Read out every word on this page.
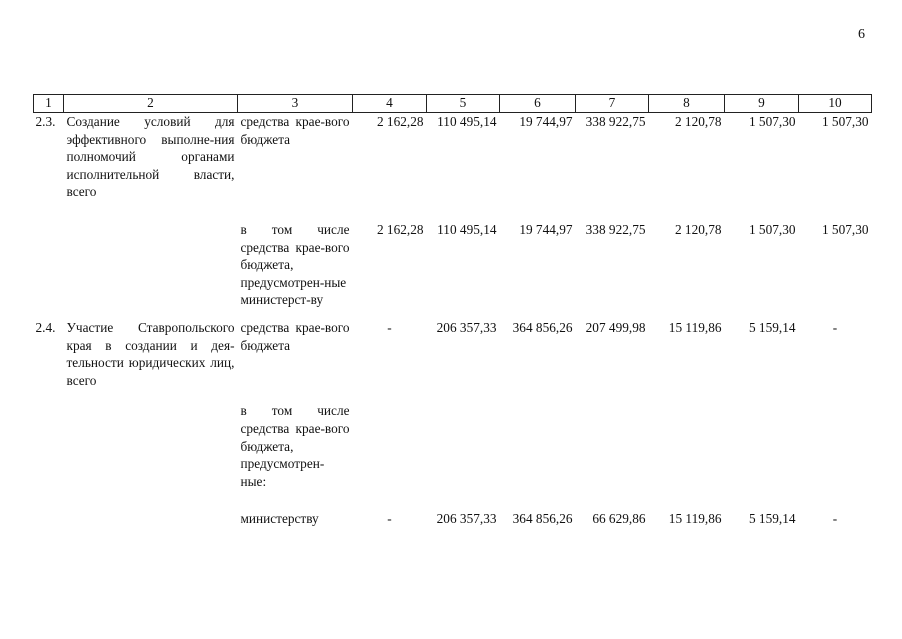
6
1	2	3	4	5	6	7	8	9	10
2.3.	Создание условий для эффективного выполне-ния полномочий органами исполнительной власти, всего	средства крае-вого бюджета	2 162,28	110 495,14	19 744,97	338 922,75	2 120,78	1 507,30	1 507,30
		в том числе средства крае-вого бюджета, предусмотрен-ные министерст-ву	2 162,28	110 495,14	19 744,97	338 922,75	2 120,78	1 507,30	1 507,30
2.4.	Участие Ставропольского края в создании и дея-тельности юридических лиц, всего	средства крае-вого бюджета	-	206 357,33	364 856,26	207 499,98	15 119,86	5 159,14	-
		в том числе средства крае-вого бюджета, предусмотрен-ные:							
		министерству	-	206 357,33	364 856,26	66 629,86	15 119,86	5 159,14	-
